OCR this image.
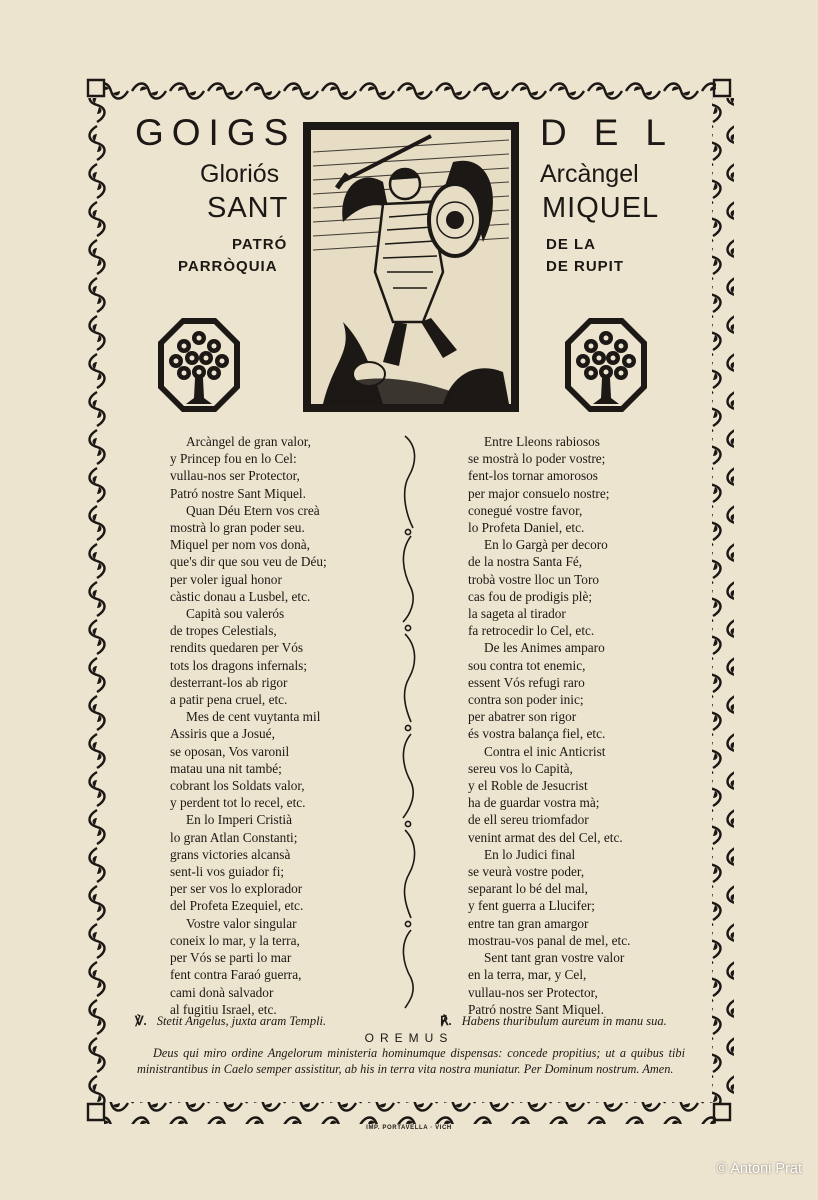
GOIGS	DEL
Gloriós	Arcàngel
SANT	MIQUEL
PATRÓ
PARRÒQUIA
DE LA
DE RUPIT
Arcàngel de gran valor,
y Princep fou en lo Cel:
vullau-nos ser Protector,
Patró nostre Sant Miquel.
Quan Déu Etern vos creà
mostrà lo gran poder seu.
Miquel per nom vos donà,
que's dir que sou veu de Déu;
per voler igual honor
càstic donau a Lusbel, etc.
Capità sou valerós
de tropes Celestials,
rendits quedaren per Vós
tots los dragons infernals;
desterrant-los ab rigor
a patir pena cruel, etc.
Mes de cent vuytanta mil
Assiris que a Josué,
se oposan, Vos varonil
matau una nit també;
cobrant los Soldats valor,
y perdent tot lo recel, etc.
En lo Imperi Cristià
lo gran Atlan Constanti;
grans victories alcansà
sent-li vos guiador fi;
per ser vos lo explorador
del Profeta Ezequiel, etc.
Vostre valor singular
coneix lo mar, y la terra,
per Vós se parti lo mar
fent contra Faraó guerra,
cami donà salvador
al fugitiu Israel, etc.
Entre Lleons rabiosos
se mostrà lo poder vostre;
fent-los tornar amorosos
per major consuelo nostre;
conegué vostre favor,
lo Profeta Daniel, etc.
En lo Gargà per decoro
de la nostra Santa Fé,
trobà vostre lloc un Toro
cas fou de prodigis plè;
la sageta al tirador
fa retrocedir lo Cel, etc.
De les Animes amparo
sou contra tot enemic,
essent Vós refugi raro
contra son poder inic;
per abatrer son rigor
és vostra balança fiel, etc.
Contra el inic Anticrist
sereu vos lo Capità,
y el Roble de Jesucrist
ha de guardar vostra mà;
de ell sereu triomfador
venint armat des del Cel, etc.
En lo Judici final
se veurà vostre poder,
separant lo bé del mal,
y fent guerra a Llucifer;
entre tan gran amargor
mostrau-vos panal de mel, etc.
Sent tant gran vostre valor
en la terra, mar, y Cel,
vullau-nos ser Protector,
Patró nostre Sant Miquel.
℣. Stetit Angelus, juxta aram Templi.	℟. Habens thuribulum aureum in manu sua.
OREMUS

Deus qui miro ordine Angelorum ministeria hominumque dispensas: concede propitius; ut a quibus tibi ministrantibus in Caelo semper assistitur, ab his in terra vita nostra muniatur. Per Dominum nostrum. Amen.

IMP. PORTAVELLA · VICH
© Antoni Prat
